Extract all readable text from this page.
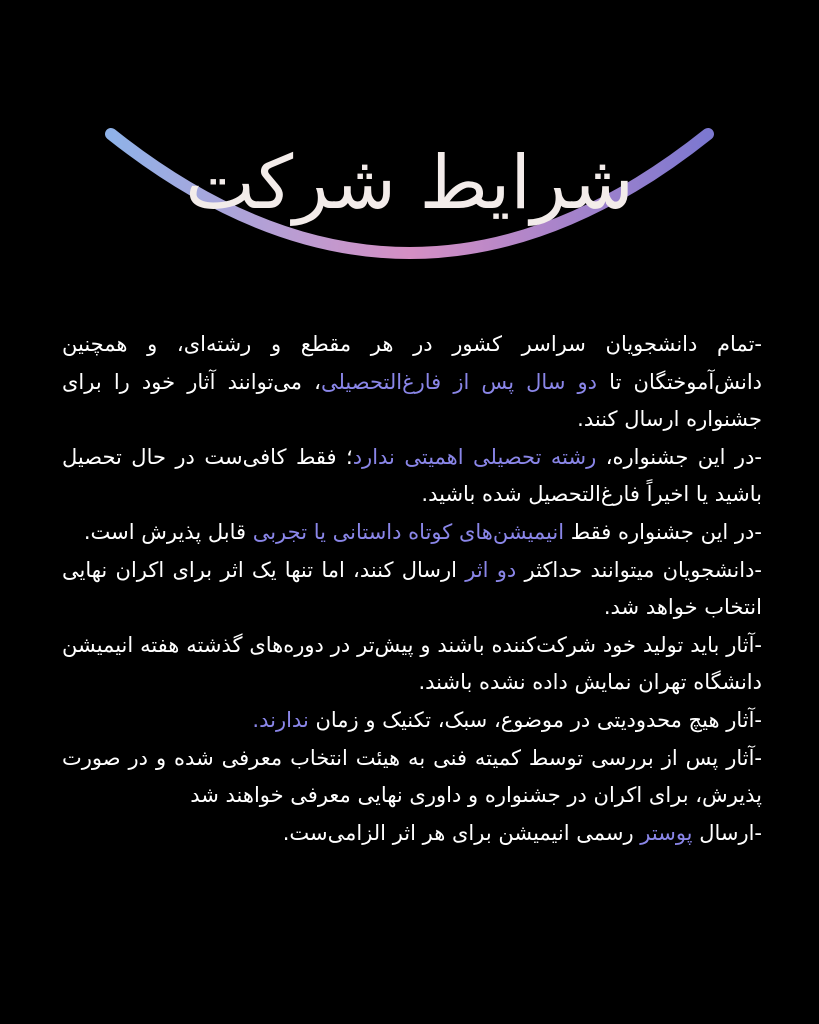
شرایط شرکت

-تمام دانشجویان سراسر کشور در هر مقطع و رشته‌ای، و همچنین دانش‌آموختگان تا دو سال پس از فارغ‌التحصیلی، می‌توانند آثار خود را برای جشنواره ارسال کنند.

-در این جشنواره، رشته تحصیلی اهمیتی ندارد؛ فقط کافی‌ست در حال تحصیل باشید یا اخیراً فارغ‌التحصیل شده باشید.

-در این جشنواره فقط انیمیشن‌های کوتاه داستانی یا تجربی قابل پذیرش است.

-دانشجویان میتوانند حداکثر دو اثر ارسال کنند، اما تنها یک اثر برای اکران نهایی انتخاب خواهد شد.

-آثار باید تولید خود شرکت‌کننده باشند و پیش‌تر در دوره‌های گذشته هفته انیمیشن دانشگاه تهران نمایش داده نشده باشند.

-آثار هیچ محدودیتی در موضوع، سبک، تکنیک و زمان ندارند.

-آثار پس از بررسی توسط کمیته فنی به هیئت انتخاب معرفی شده و در صورت پذیرش، برای اکران در جشنواره و داوری نهایی معرفی خواهند شد

-ارسال پوستر رسمی انیمیشن برای هر اثر الزامی‌ست.
